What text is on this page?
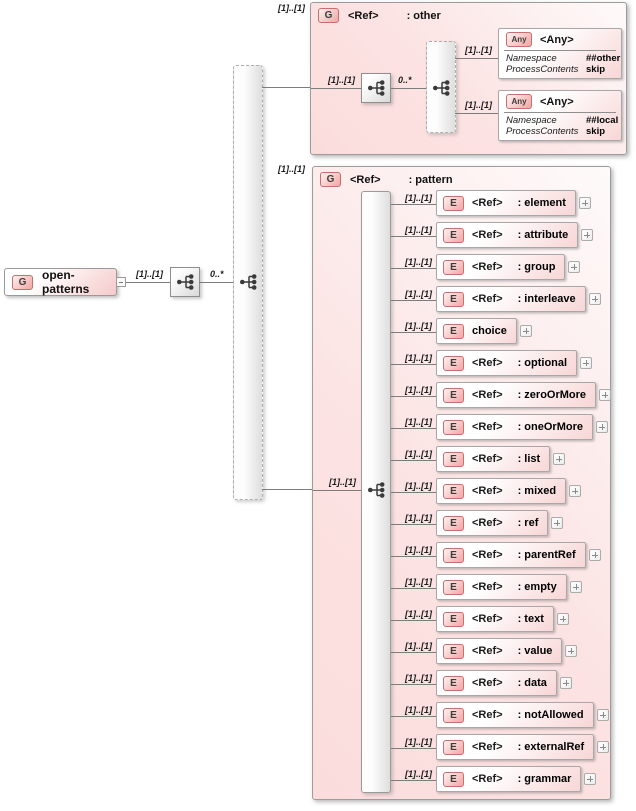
G	open-patterns
[1]..[1]	0..*
[1]..[1]
[1]..[1]
G	<Ref>	: other
[1]..[1]	0..*
[1]..[1]
[1]..[1]
Any	<Any>
Namespace	##other
ProcessContents skip
Any	<Any>
Namespace	##local
ProcessContents skip
G	<Ref>	: pattern
[1]..[1]
[1]..[1]	E	<Ref> : element
[1]..[1]	E	<Ref> : attribute
[1]..[1]	E	<Ref> : group
[1]..[1]	E	<Ref> : interleave
[1]..[1]	E	choice
[1]..[1]	E	<Ref> : optional
[1]..[1]	E	<Ref> : zeroOrMore
[1]..[1]	E	<Ref> : oneOrMore
[1]..[1]	E	<Ref> : list
[1]..[1]	E	<Ref> : mixed
[1]..[1]	E	<Ref> : ref
[1]..[1]	E	<Ref> : parentRef
[1]..[1]	E	<Ref> : empty
[1]..[1]	E	<Ref> : text
[1]..[1]	E	<Ref> : value
[1]..[1]	E	<Ref> : data
[1]..[1]	E	<Ref> : notAllowed
[1]..[1]	E	<Ref> : externalRef
[1]..[1]	E	<Ref> : grammar
